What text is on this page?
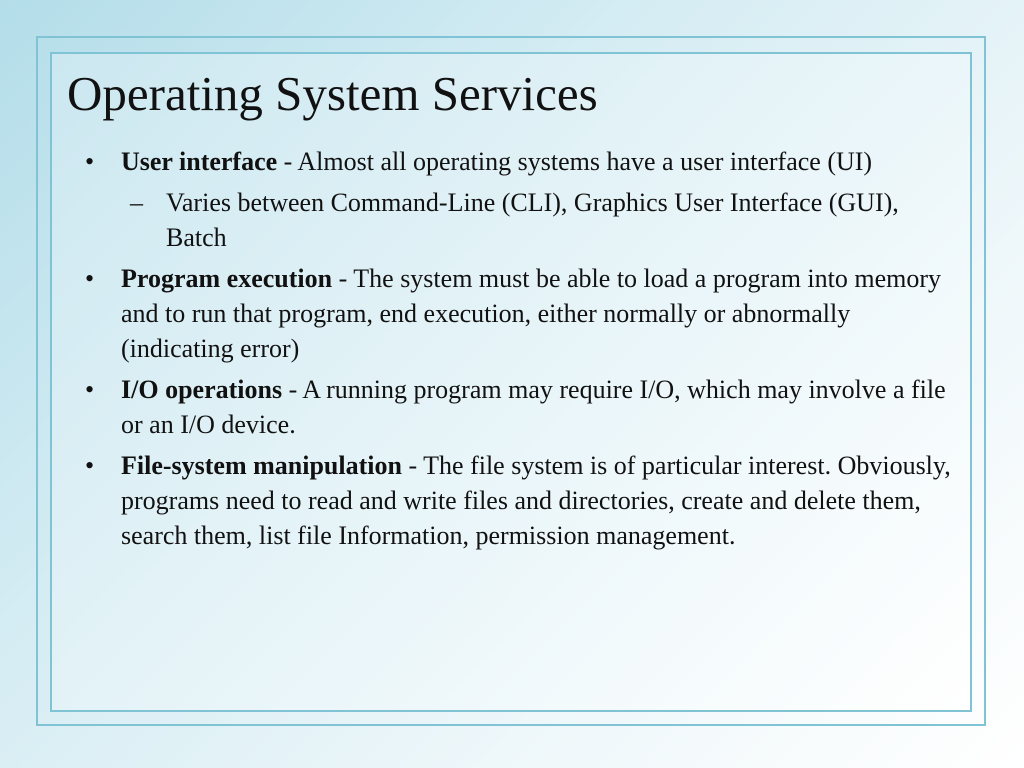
Operating System Services
• User interface - Almost all operating systems have a user interface (UI)
– Varies between Command-Line (CLI), Graphics User Interface (GUI), Batch
• Program execution - The system must be able to load a program into memory and to run that program, end execution, either normally or abnormally (indicating error)
• I/O operations - A running program may require I/O, which may involve a file or an I/O device.
• File-system manipulation - The file system is of particular interest. Obviously, programs need to read and write files and directories, create and delete them, search them, list file Information, permission management.
